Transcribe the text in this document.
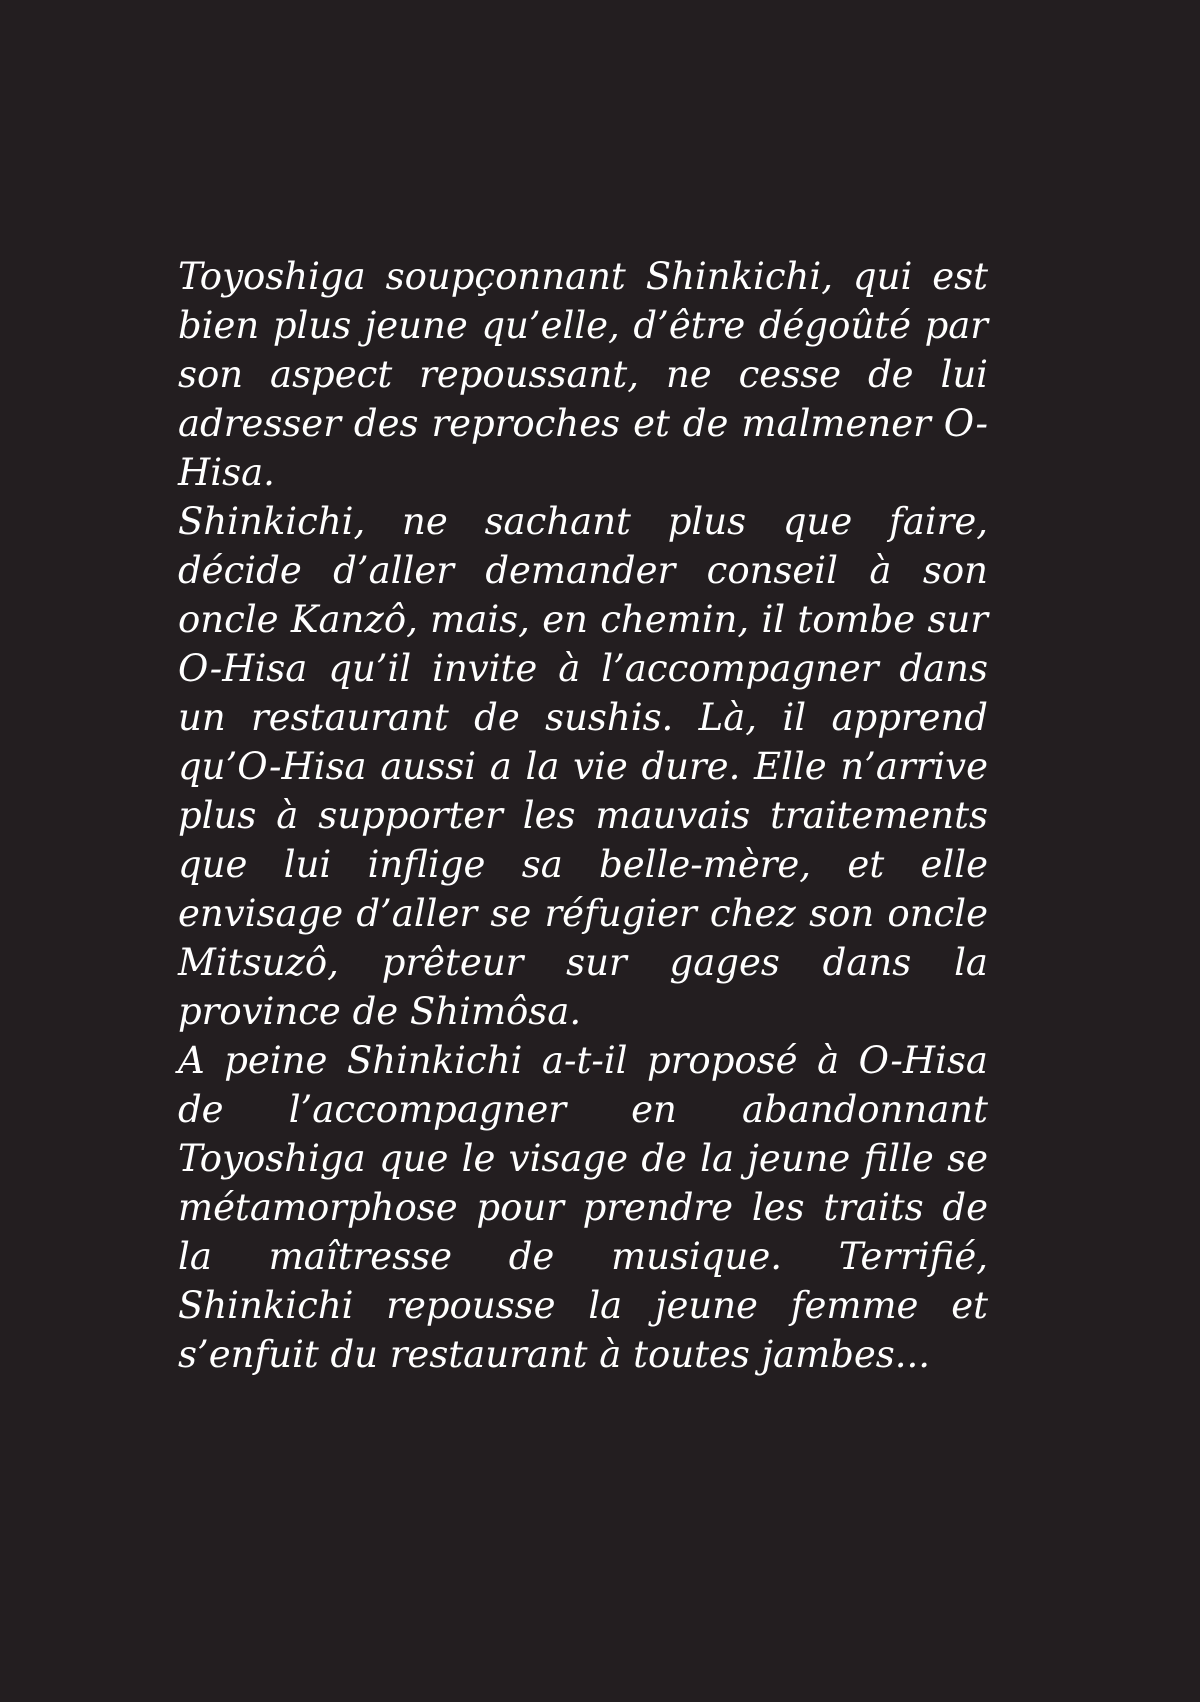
Toyoshiga soupçonnant Shinkichi, qui est bien plus jeune qu’elle, d’être dégoûté par son aspect repoussant, ne cesse de lui adresser des reproches et de malmener O-Hisa.

Shinkichi, ne sachant plus que faire, décide d’aller demander conseil à son oncle Kanzô, mais, en chemin, il tombe sur O-Hisa qu’il invite à l’accompagner dans un restaurant de sushis. Là, il apprend qu’O-Hisa aussi a la vie dure. Elle n’arrive plus à supporter les mauvais traitements que lui inflige sa belle-mère, et elle envisage d’aller se réfugier chez son oncle Mitsuzô, prêteur sur gages dans la province de Shimôsa.

A peine Shinkichi a-t-il proposé à O-Hisa de l’accompagner en abandonnant Toyoshiga que le visage de la jeune fille se métamorphose pour prendre les traits de la maîtresse de musique. Terrifié, Shinkichi repousse la jeune femme et s’enfuit du restaurant à toutes jambes...
